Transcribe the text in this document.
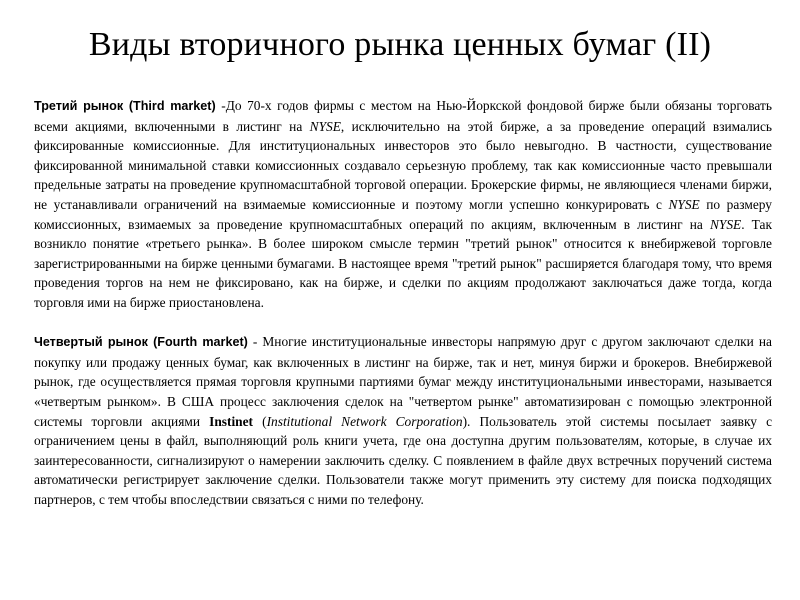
Виды вторичного рынка ценных бумаг (II)

Третий рынок (Third market) -До 70-х годов фирмы с местом на Нью-Йоркской фондовой бирже были обязаны торговать всеми акциями, включенными в листинг на NYSE, исключительно на этой бирже, а за проведение операций взимались фиксированные комиссионные. Для институциональных инвесторов это было невыгодно. В частности, существование фиксированной минимальной ставки комиссионных создавало серьезную проблему, так как комиссионные часто превышали предельные затраты на проведение крупномасштабной торговой операции. Брокерские фирмы, не являющиеся членами биржи, не устанавливали ограничений на взимаемые комиссионные и поэтому могли успешно конкурировать с NYSE по размеру комиссионных, взимаемых за проведение крупномасштабных операций по акциям, включенным в листинг на NYSE. Так возникло понятие «третьего рынка». В более широком смысле термин "третий рынок" относится к внебиржевой торговле зарегистрированными на бирже ценными бумагами. В настоящее время "третий рынок" расширяется благодаря тому, что время проведения торгов на нем не фиксировано, как на бирже, и сделки по акциям продолжают заключаться даже тогда, когда торговля ими на бирже приостановлена.

Четвертый рынок (Fourth market) - Многие институциональные инвесторы напрямую друг с другом заключают сделки на покупку или продажу ценных бумаг, как включенных в листинг на бирже, так и нет, минуя биржи и брокеров. Внебиржевой рынок, где осуществляется прямая торговля крупными партиями бумаг между институциональными инвесторами, называется «четвертым рынком». В США процесс заключения сделок на "четвертом рынке" автоматизирован с помощью электронной системы торговли акциями Instinet (Institutional Network Corporation). Пользователь этой системы посылает заявку с ограничением цены в файл, выполняющий роль книги учета, где она доступна другим пользователям, которые, в случае их заинтересованности, сигнализируют о намерении заключить сделку. С появлением в файле двух встречных поручений система автоматически регистрирует заключение сделки. Пользователи также могут применить эту систему для поиска подходящих партнеров, с тем чтобы впоследствии связаться с ними по телефону.
